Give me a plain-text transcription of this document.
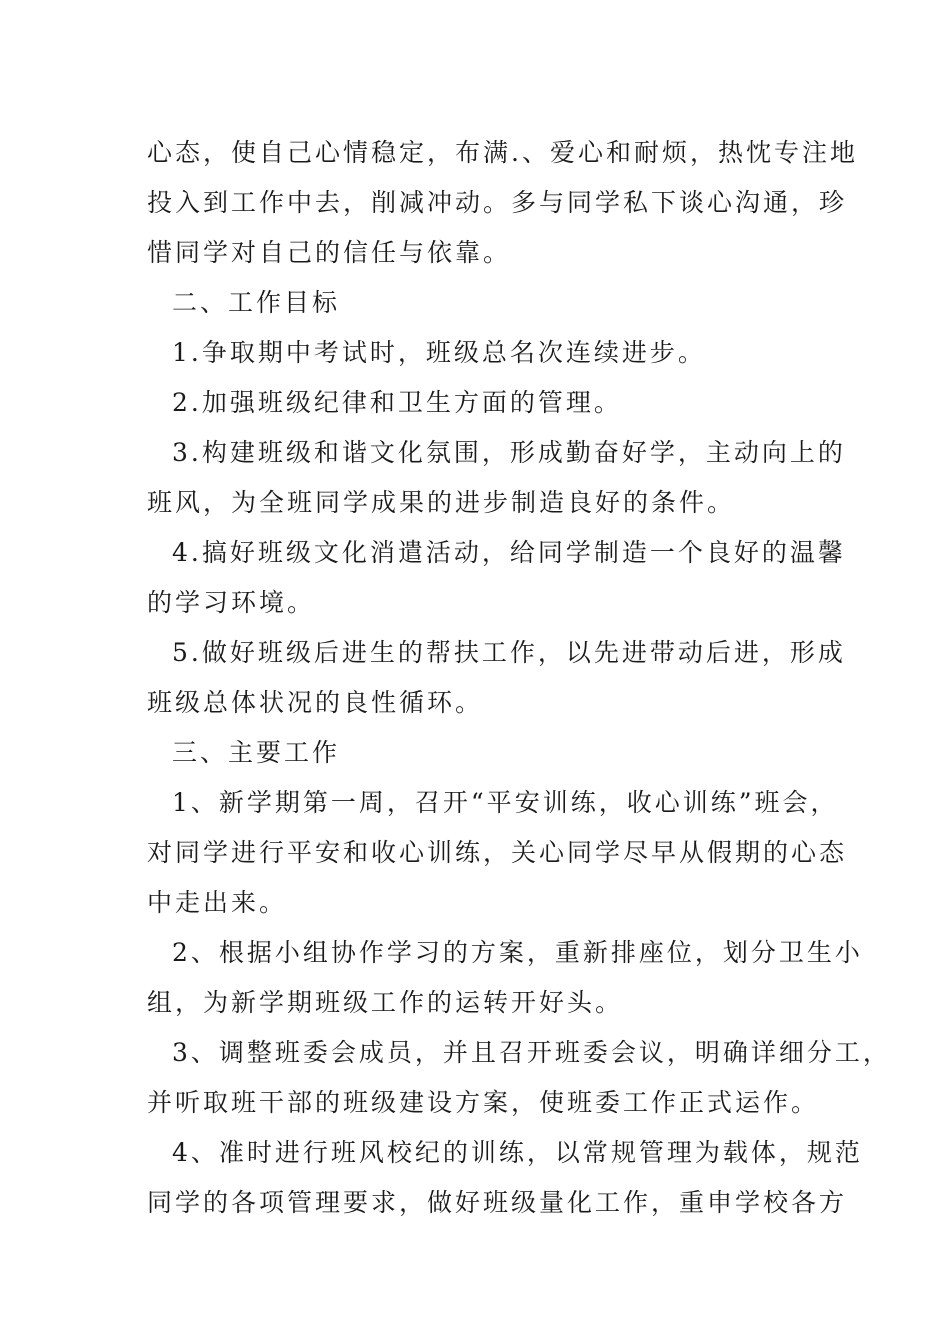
心态，使自己心情稳定，布满.、爱心和耐烦，热忱专注地
投入到工作中去，削减冲动。多与同学私下谈心沟通，珍
惜同学对自己的信任与依靠。
二、工作目标
1.争取期中考试时，班级总名次连续进步。
2.加强班级纪律和卫生方面的管理。
3.构建班级和谐文化氛围，形成勤奋好学，主动向上的
班风，为全班同学成果的进步制造良好的条件。
4.搞好班级文化消遣活动，给同学制造一个良好的温馨
的学习环境。
5.做好班级后进生的帮扶工作，以先进带动后进，形成
班级总体状况的良性循环。
三、主要工作
1、新学期第一周，召开“平安训练，收心训练”班会，
对同学进行平安和收心训练，关心同学尽早从假期的心态
中走出来。
2、根据小组协作学习的方案，重新排座位，划分卫生小
组，为新学期班级工作的运转开好头。
3、调整班委会成员，并且召开班委会议，明确详细分工，
并听取班干部的班级建设方案，使班委工作正式运作。
4、准时进行班风校纪的训练，以常规管理为载体，规范
同学的各项管理要求，做好班级量化工作，重申学校各方
